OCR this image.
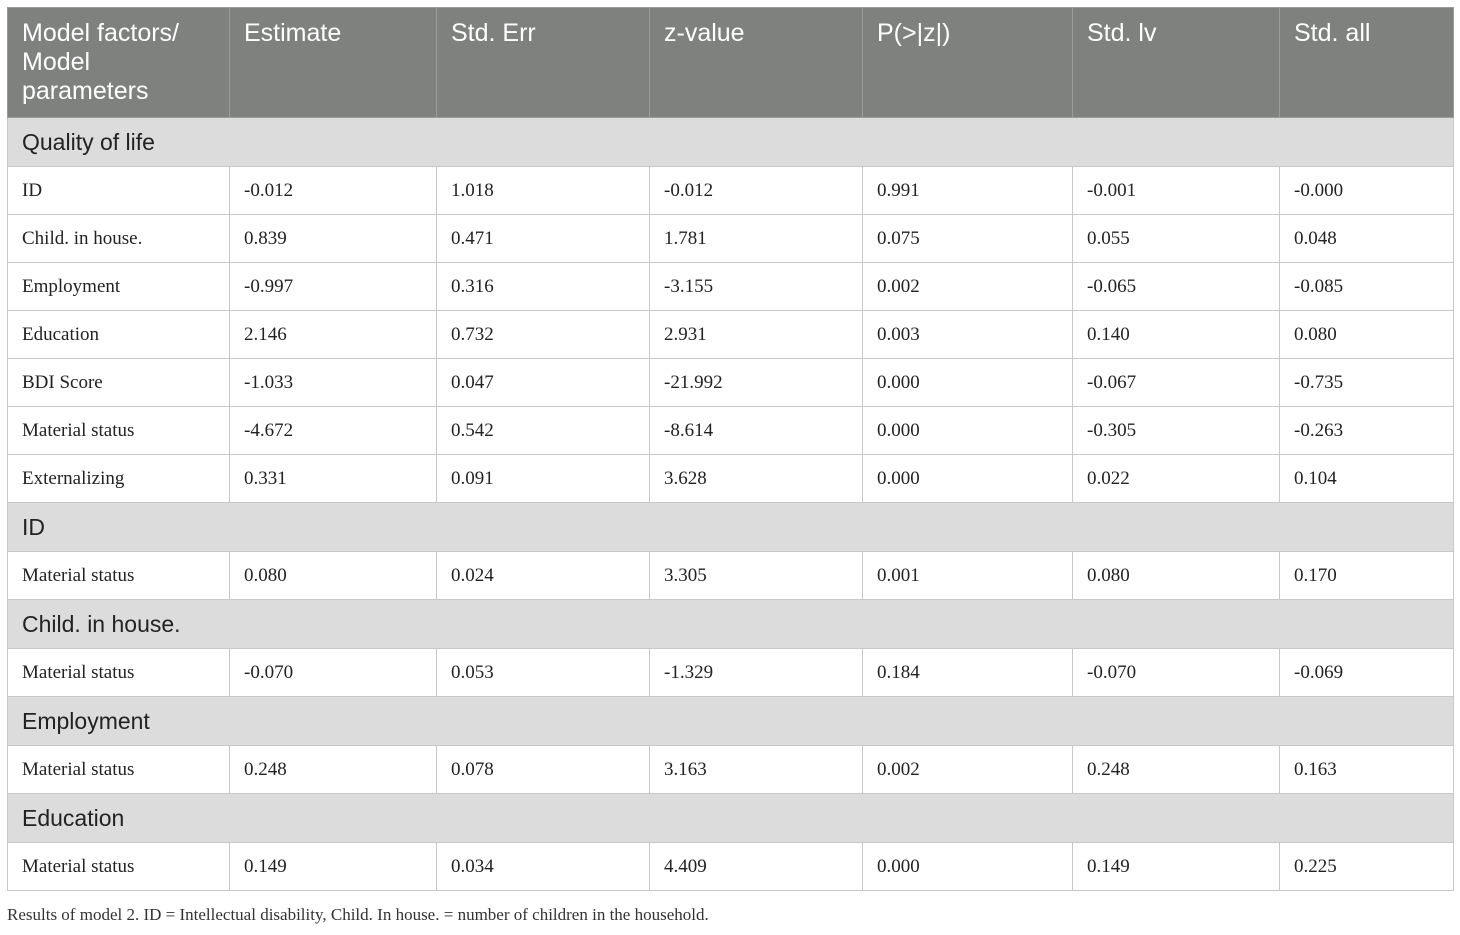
Model factors/ Model parameters	Estimate	Std. Err	z-value	P(>|z|)	Std. lv	Std. all
Quality of life						
ID	-0.012	1.018	-0.012	0.991	-0.001	-0.000
Child. in house.	0.839	0.471	1.781	0.075	0.055	0.048
Employment	-0.997	0.316	-3.155	0.002	-0.065	-0.085
Education	2.146	0.732	2.931	0.003	0.140	0.080
BDI Score	-1.033	0.047	-21.992	0.000	-0.067	-0.735
Material status	-4.672	0.542	-8.614	0.000	-0.305	-0.263
Externalizing	0.331	0.091	3.628	0.000	0.022	0.104
ID						
Material status	0.080	0.024	3.305	0.001	0.080	0.170
Child. in house.						
Material status	-0.070	0.053	-1.329	0.184	-0.070	-0.069
Employment						
Material status	0.248	0.078	3.163	0.002	0.248	0.163
Education						
Material status	0.149	0.034	4.409	0.000	0.149	0.225
Results of model 2. ID = Intellectual disability, Child. In house. = number of children in the household.
